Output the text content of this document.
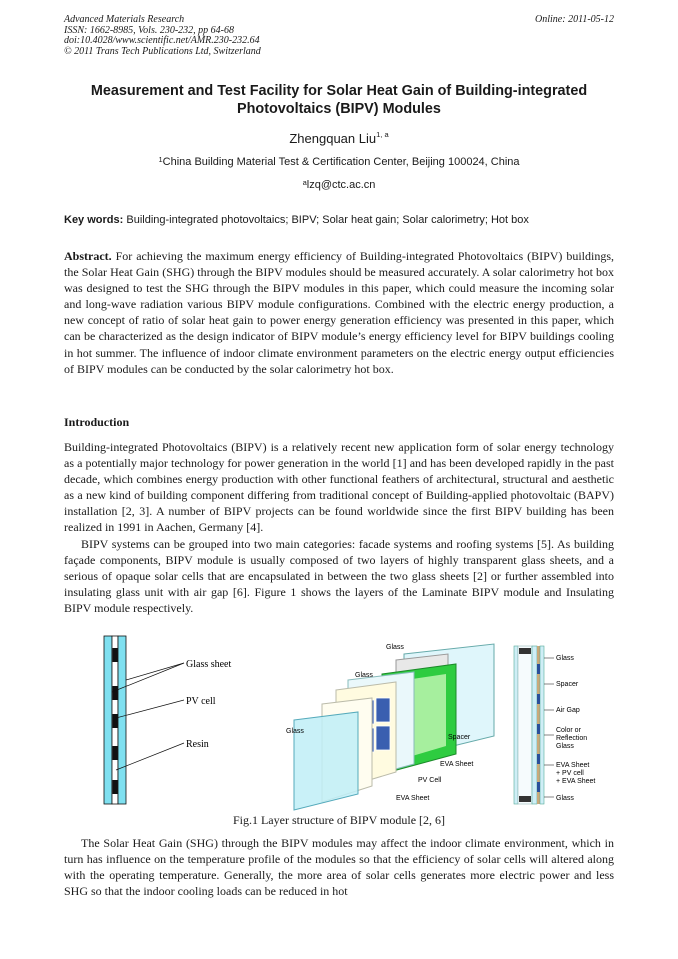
Advanced Materials Research
ISSN: 1662-8985, Vols. 230-232, pp 64-68
doi:10.4028/www.scientific.net/AMR.230-232.64
© 2011 Trans Tech Publications Ltd, Switzerland
Online: 2011-05-12
Measurement and Test Facility for Solar Heat Gain of Building-integrated
Photovoltaics (BIPV) Modules
Zhengquan Liu$^{1, a}$
$^1$China Building Material Test & Certification Center, Beijing 100024, China
$^a$lzq@ctc.ac.cn
Key words: Building-integrated photovoltaics; BIPV; Solar heat gain; Solar calorimetry; Hot box

Abstract. For achieving the maximum energy efficiency of Building-integrated Photovoltaics (BIPV) buildings, the Solar Heat Gain (SHG) through the BIPV modules should be measured accurately. A solar calorimetry hot box was designed to test the SHG through the BIPV modules in this paper, which could measure the incoming solar and long-wave radiation various BIPV module configurations. Combined with the electric energy production, a new concept of ratio of solar heat gain to power energy generation efficiency was presented in this paper, which can be characterized as the design indicator of BIPV module’s energy efficiency level for BIPV buildings cooling in hot summer. The influence of indoor climate environment parameters on the electric energy output efficiencies of BIPV modules can be conducted by the solar calorimetry hot box.

Introduction

Building-integrated Photovoltaics (BIPV) is a relatively recent new application form of solar energy technology as a potentially major technology for power generation in the world [1] and has been developed rapidly in the past decade, which combines energy production with other functional feathers of architectural, structural and aesthetic as a new kind of building component differing from traditional concept of Building-applied photovoltaic (BAPV) installation [2, 3]. A number of BIPV projects can be found worldwide since the first BIPV building has been realized in 1991 in Aachen, Germany [4].

BIPV systems can be grouped into two main categories: facade systems and roofing systems [5]. As building façade components, BIPV module is usually composed of two layers of highly transparent glass sheets, and a serious of opaque solar cells that are encapsulated in between the two glass sheets [2] or further assembled into insulating glass unit with air gap [6]. Figure 1 shows the layers of the Laminate BIPV module and Insulating BIPV module respectively.

Glass sheet
PV cell
Resin
Glass
Glass
Glass
Spacer
EVA Sheet
PV Cell
EVA Sheet
Glass
Spacer
Air Gap
Color or
Reflection
Glass
EVA Sheet
+ PV cell
+ EVA Sheet
Glass
Fig.1 Layer structure of BIPV module [2, 6]

The Solar Heat Gain (SHG) through the BIPV modules may affect the indoor climate environment, which in turn has influence on the temperature profile of the modules so that the efficiency of solar cells will altered along with the operating temperature. Generally, the more area of solar cells generates more electric power and less SHG so that the indoor cooling loads can be reduced in hot
